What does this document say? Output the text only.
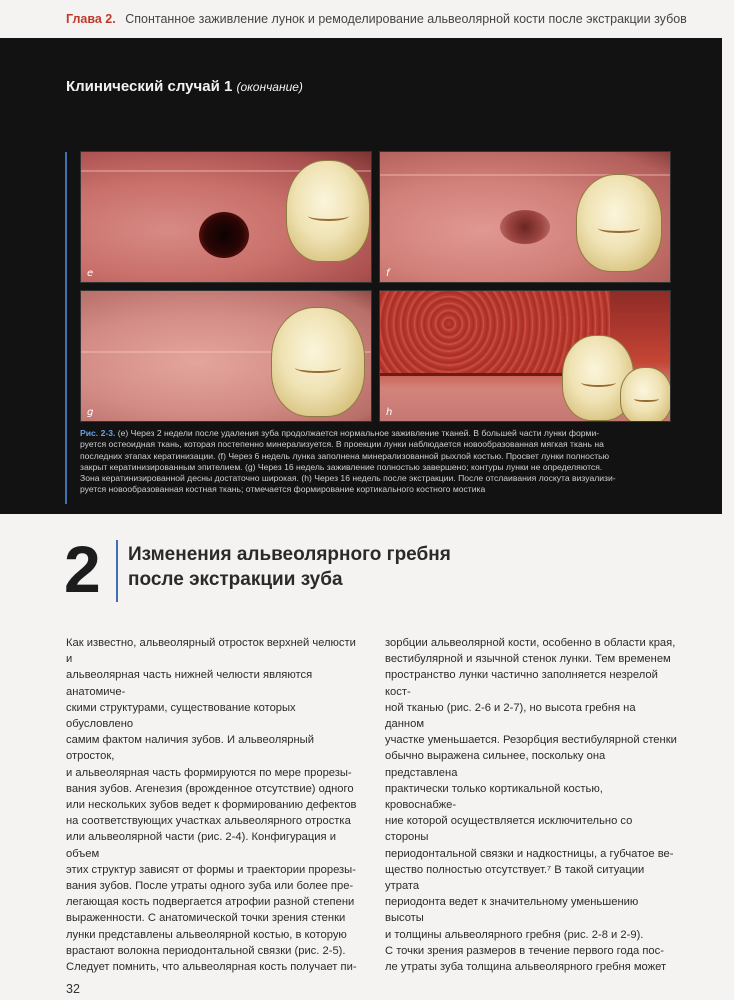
Глава 2. Спонтанное заживление лунок и ремоделирование альвеолярной кости после экстракции зубов
Клинический случай 1 (окончание)
e	f
g	h
Рис. 2-3. (e) Через 2 недели после удаления зуба продолжается нормальное заживление тканей. В большей части лунки форми-
руется остеоидная ткань, которая постепенно минерализуется. В проекции лунки наблюдается новообразованная мягкая ткань на
последних этапах кератинизации. (f) Через 6 недель лунка заполнена минерализованной рыхлой костью. Просвет лунки полностью
закрыт кератинизированным эпителием. (g) Через 16 недель заживление полностью завершено; контуры лунки не определяются.
Зона кератинизированной десны достаточно широкая. (h) Через 16 недель после экстракции. После отслаивания лоскута визуализи-
руется новообразованная костная ткань; отмечается формирование кортикального костного мостика
2 Изменения альвеолярного гребня
после экстракции зуба
Как известно, альвеолярный отросток верхней челюсти и
альвеолярная часть нижней челюсти являются анатомиче-
скими структурами, существование которых обусловлено
самим фактом наличия зубов. И альвеолярный отросток,
и альвеолярная часть формируются по мере прорезы-
вания зубов. Агенезия (врожденное отсутствие) одного
или нескольких зубов ведет к формированию дефектов
на соответствующих участках альвеолярного отростка
или альвеолярной части (рис. 2-4). Конфигурация и объем
этих структур зависят от формы и траектории прорезы-
вания зубов. После утраты одного зуба или более пре-
легающая кость подвергается атрофии разной степени
выраженности. С анатомической точки зрения стенки
лунки представлены альвеолярной костью, в которую
врастают волокна периодонтальной связки (рис. 2-5).
Следует помнить, что альвеолярная кость получает пи-

зорбции альвеолярной кости, особенно в области края,
вестибулярной и язычной стенок лунки. Тем временем
пространство лунки частично заполняется незрелой кост-
ной тканью (рис. 2-6 и 2-7), но высота гребня на данном
участке уменьшается. Резорбция вестибулярной стенки
обычно выражена сильнее, поскольку она представлена
практически только кортикальной костью, кровоснабже-
ние которой осуществляется исключительно со стороны
периодонтальной связки и надкостницы, а губчатое ве-
щество полностью отсутствует.⁷ В такой ситуации утрата
периодонта ведет к значительному уменьшению высоты
и толщины альвеолярного гребня (рис. 2-8 и 2-9).
С точки зрения размеров в течение первого года пос-
ле утраты зуба толщина альвеолярного гребня может

32
